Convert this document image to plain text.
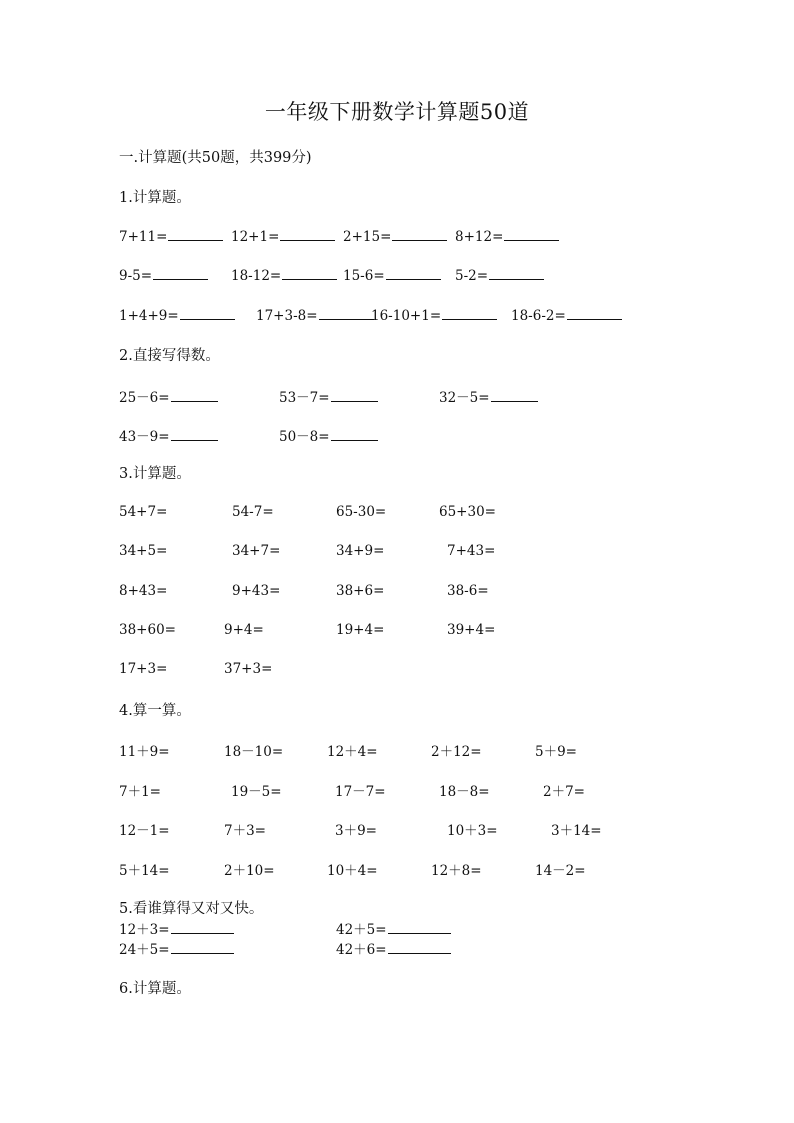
一年级下册数学计算题50道
一.计算题(共50题，共399分)
1.计算题。
7+11=	12+1=	2+15=	8+12=
9-5=	18-12=	15-6=	5-2=
1+4+9=	17+3-8=	16-10+1=	18-6-2=
2.直接写得数。
25－6=	53－7=	32－5=
43－9=	50－8=
3.计算题。
54+7=	54-7=	65-30=	65+30=
34+5=	34+7=	34+9=	7+43=
8+43=	9+43=	38+6=	38-6=
38+60=	9+4=	19+4=	39+4=
17+3=	37+3=
4.算一算。
11＋9=	18－10=	12＋4=	2＋12=	5＋9=
7＋1=	19－5=	17－7=	18－8=	2＋7=
12－1=	7＋3=	3＋9=	10＋3=	3＋14=
5＋14=	2＋10=	10＋4=	12＋8=	14－2=
5.看谁算得又对又快。
12＋3=	42＋5=
24＋5=	42＋6=
6.计算题。
